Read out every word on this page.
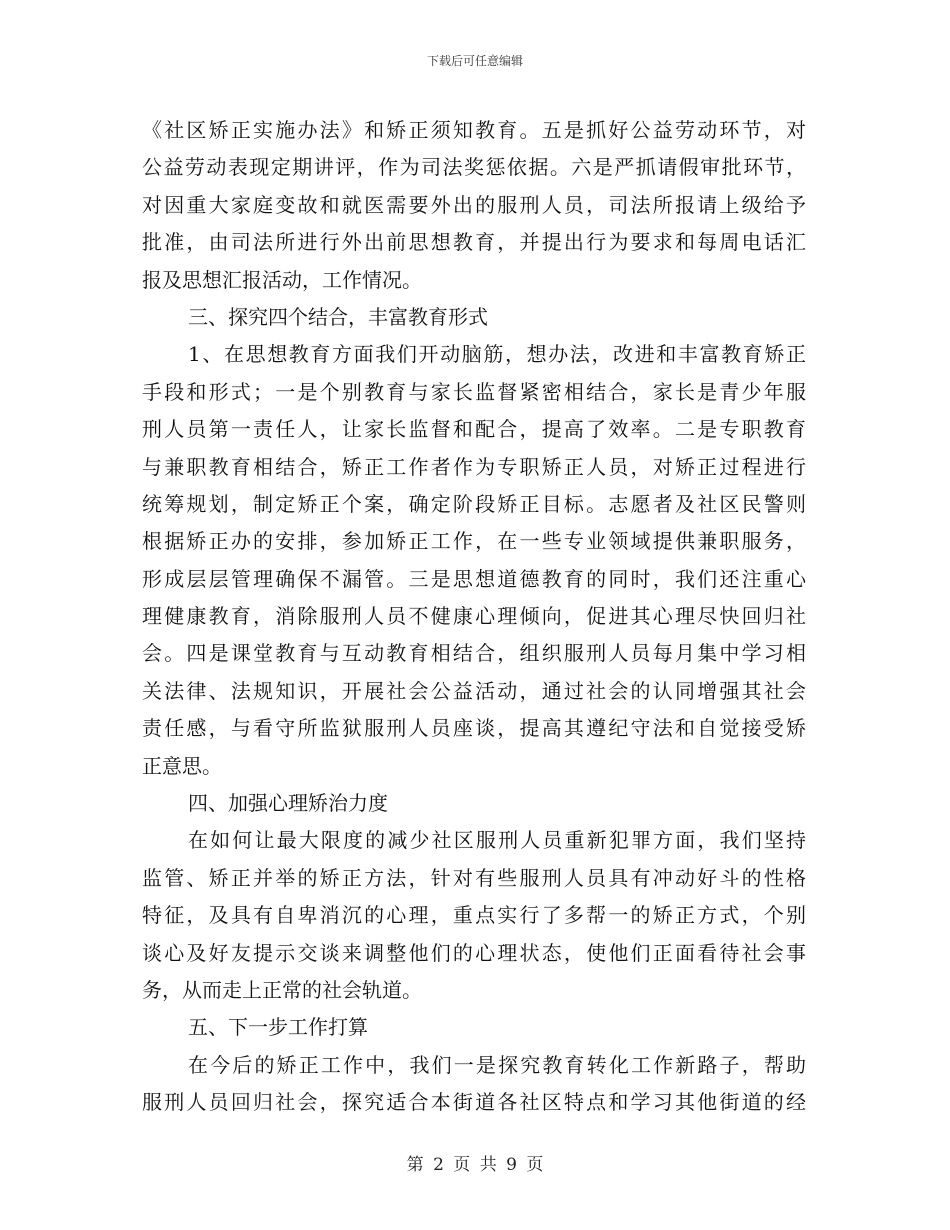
下载后可任意编辑
《社区矫正实施办法》和矫正须知教育。五是抓好公益劳动环节，对
公益劳动表现定期讲评，作为司法奖惩依据。六是严抓请假审批环节，
对因重大家庭变故和就医需要外出的服刑人员，司法所报请上级给予
批准，由司法所进行外出前思想教育，并提出行为要求和每周电话汇
报及思想汇报活动，工作情况。
三、探究四个结合，丰富教育形式
1、在思想教育方面我们开动脑筋，想办法，改进和丰富教育矫正
手段和形式；一是个别教育与家长监督紧密相结合，家长是青少年服
刑人员第一责任人，让家长监督和配合，提高了效率。二是专职教育
与兼职教育相结合，矫正工作者作为专职矫正人员，对矫正过程进行
统筹规划，制定矫正个案，确定阶段矫正目标。志愿者及社区民警则
根据矫正办的安排，参加矫正工作，在一些专业领域提供兼职服务，
形成层层管理确保不漏管。三是思想道德教育的同时，我们还注重心
理健康教育，消除服刑人员不健康心理倾向，促进其心理尽快回归社
会。四是课堂教育与互动教育相结合，组织服刑人员每月集中学习相
关法律、法规知识，开展社会公益活动，通过社会的认同增强其社会
责任感，与看守所监狱服刑人员座谈，提高其遵纪守法和自觉接受矫
正意思。
四、加强心理矫治力度
在如何让最大限度的减少社区服刑人员重新犯罪方面，我们坚持
监管、矫正并举的矫正方法，针对有些服刑人员具有冲动好斗的性格
特征，及具有自卑消沉的心理，重点实行了多帮一的矫正方式，个别
谈心及好友提示交谈来调整他们的心理状态，使他们正面看待社会事
务，从而走上正常的社会轨道。
五、下一步工作打算
在今后的矫正工作中，我们一是探究教育转化工作新路子，帮助
服刑人员回归社会，探究适合本街道各社区特点和学习其他街道的经
第 2 页 共 9 页
